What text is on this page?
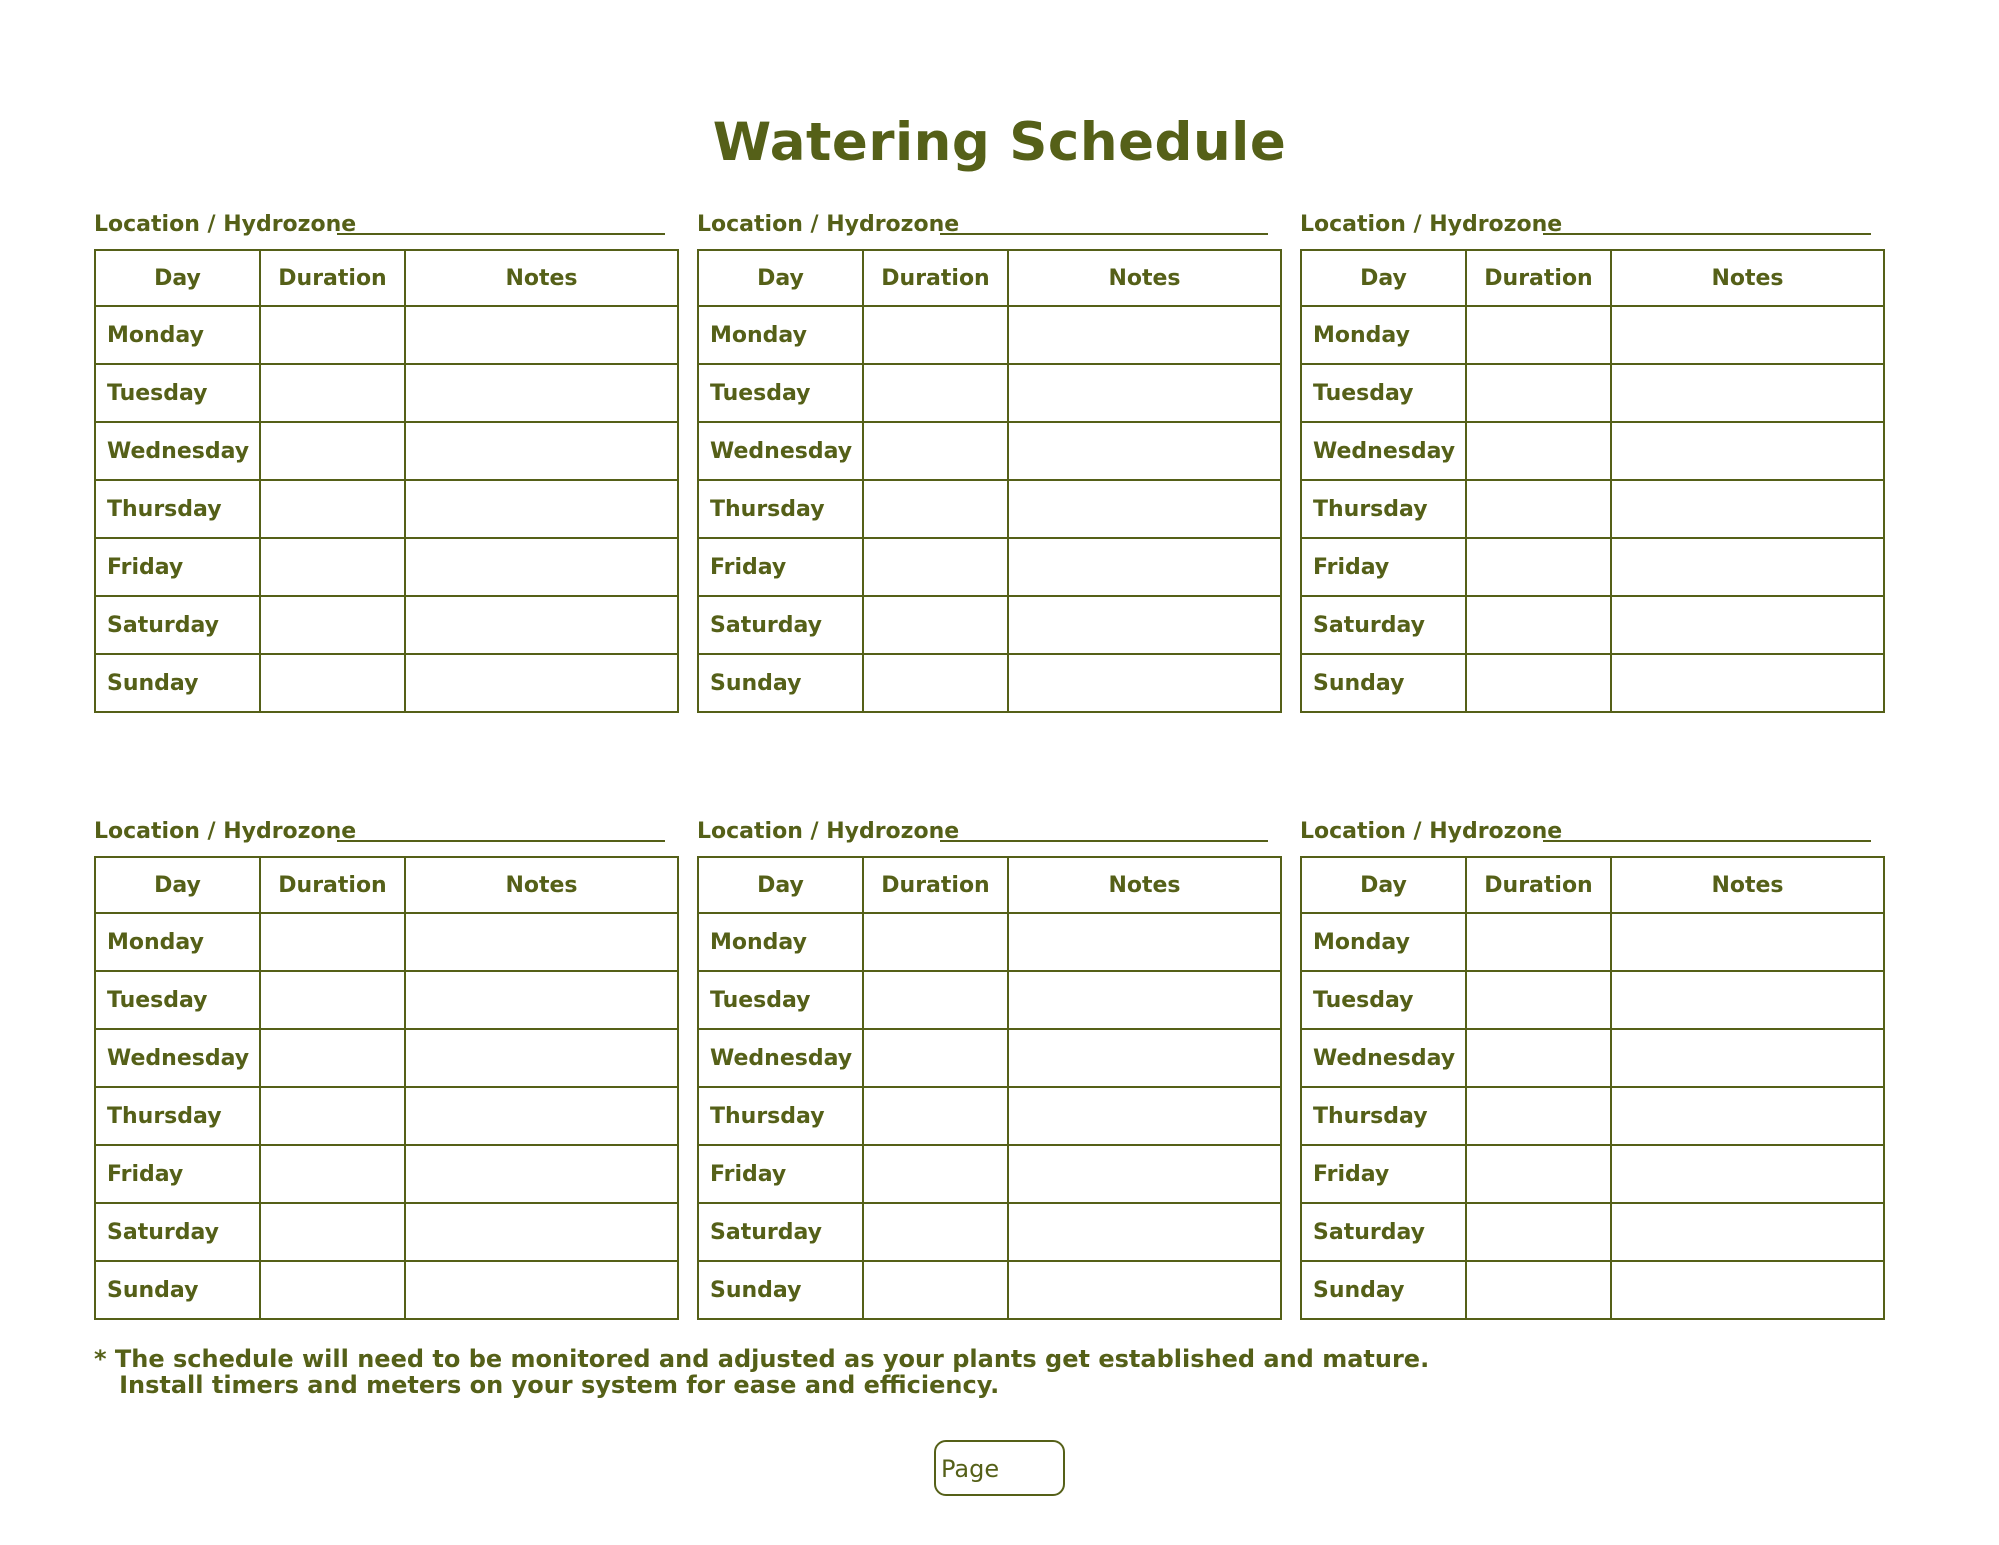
Watering Schedule
Location / Hydrozone
Day	Duration	Notes
Monday		
Tuesday		
Wednesday		
Thursday		
Friday		
Saturday		
Sunday		
Location / Hydrozone
Day	Duration	Notes
Monday		
Tuesday		
Wednesday		
Thursday		
Friday		
Saturday		
Sunday		
Location / Hydrozone
Day	Duration	Notes
Monday		
Tuesday		
Wednesday		
Thursday		
Friday		
Saturday		
Sunday		
Location / Hydrozone
Day	Duration	Notes
Monday		
Tuesday		
Wednesday		
Thursday		
Friday		
Saturday		
Sunday		
Location / Hydrozone
Day	Duration	Notes
Monday		
Tuesday		
Wednesday		
Thursday		
Friday		
Saturday		
Sunday		
Location / Hydrozone
Day	Duration	Notes
Monday		
Tuesday		
Wednesday		
Thursday		
Friday		
Saturday		
Sunday		
* The schedule will need to be monitored and adjusted as your plants get established and mature.
Install timers and meters on your system for ease and efficiency.
Page
